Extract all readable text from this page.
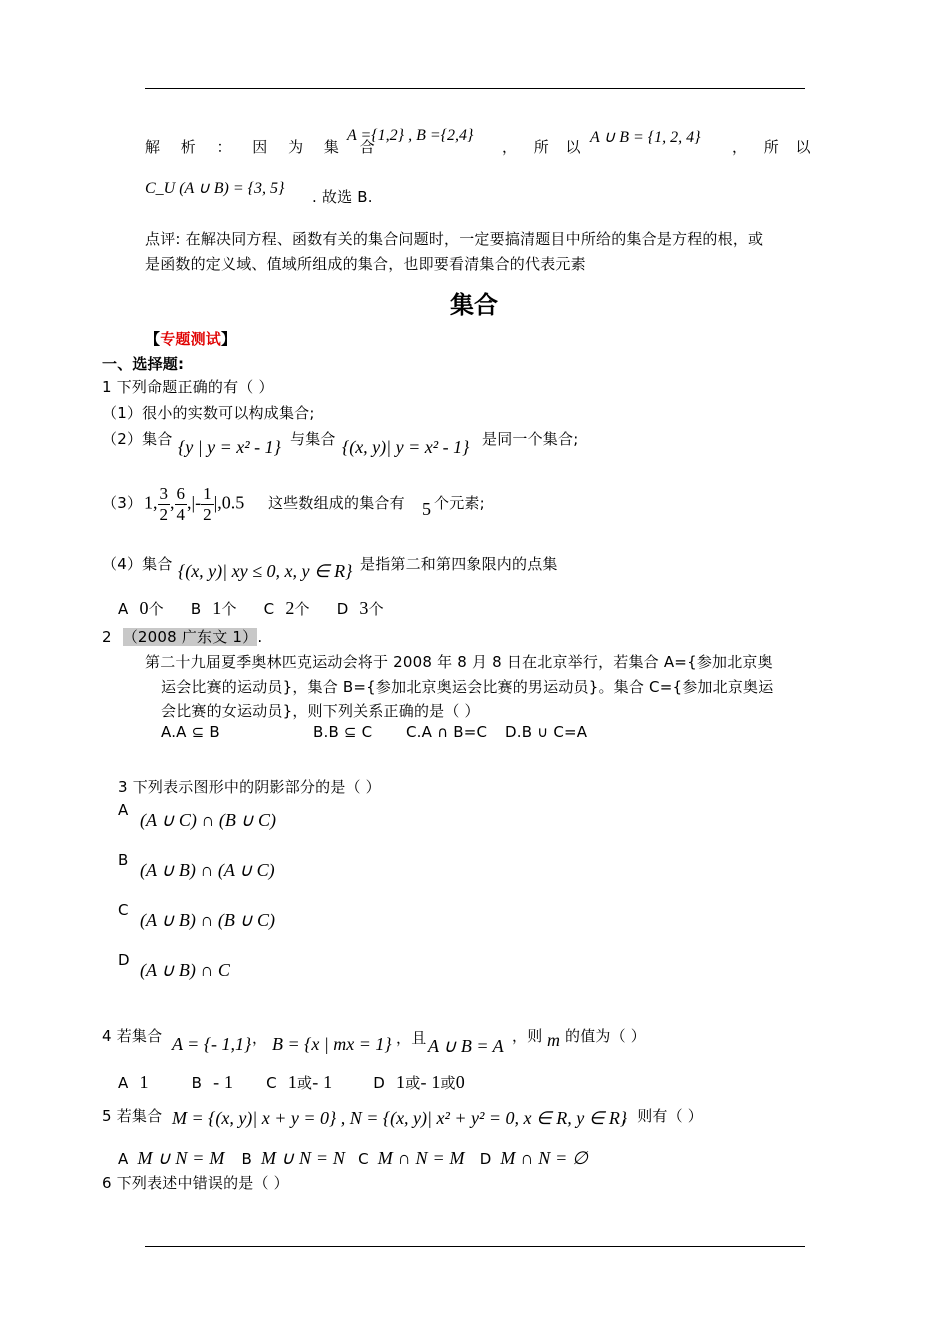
解 析 ： 因 为 集 合
A ={1,2} , B ={2,4}
， 所 以
A ∪ B = {1, 2, 4}
， 所 以
C_U (A ∪ B) = {3, 5} . 故选 B.
点评: 在解决同方程、函数有关的集合问题时，一定要搞清题目中所给的集合是方程的根，或
是函数的定义域、值域所组成的集合，也即要看清集合的代表元素
集合
【专题测试】
一、选择题:
1 下列命题正确的有（ ）
（1）很小的实数可以构成集合;
（2）集合 {y | y = x² - 1} 与集合 {(x, y)| y = x² - 1} 是同一个集合;
（3） 1, $\frac{3}{2}$ , $\frac{6}{4}$ ,|- $\frac{1}{2} |,0.5$ 这些数组成的集合有 5 个元素;
（4）集合 {(x, y)| xy ≤ 0, x, y ∈ R} 是指第二和第四象限内的点集
A 0个 B 1个 C 2个 D 3个
2 （2008 广东文 1）.
第二十九届夏季奥林匹克运动会将于 2008 年 8 月 8 日在北京举行，若集合 A={参加北京奥
运会比赛的运动员}，集合 B={参加北京奥运会比赛的男运动员}。集合 C={参加北京奥运
会比赛的女运动员}，则下列关系正确的是（ ）
A.A ⊆ B	B.B ⊆ C C.A ∩ B=C D.B ∪ C=A
3 下列表示图形中的阴影部分的是（ ）
A (A ∪ C) ∩ (B ∪ C)
B (A ∪ B) ∩ (A ∪ C)
C (A ∪ B) ∩ (B ∪ C)
D (A ∪ B) ∩ C
4 若集合 A = {- 1,1} ， B = {x | mx = 1} ，且 A ∪ B = A ，则 m 的值为（ ）
A 1	B - 1 C 1或- 1	D 1或- 1或0
5 若集合 M = {(x, y)| x + y = 0} , N = {(x, y)| x² + y² = 0, x ∈ R, y ∈ R}
，则有（ ）
A M ∪ N = M B M ∪ N = N C M ∩ N = M D M ∩ N = ∅
6 下列表述中错误的是（ ）
